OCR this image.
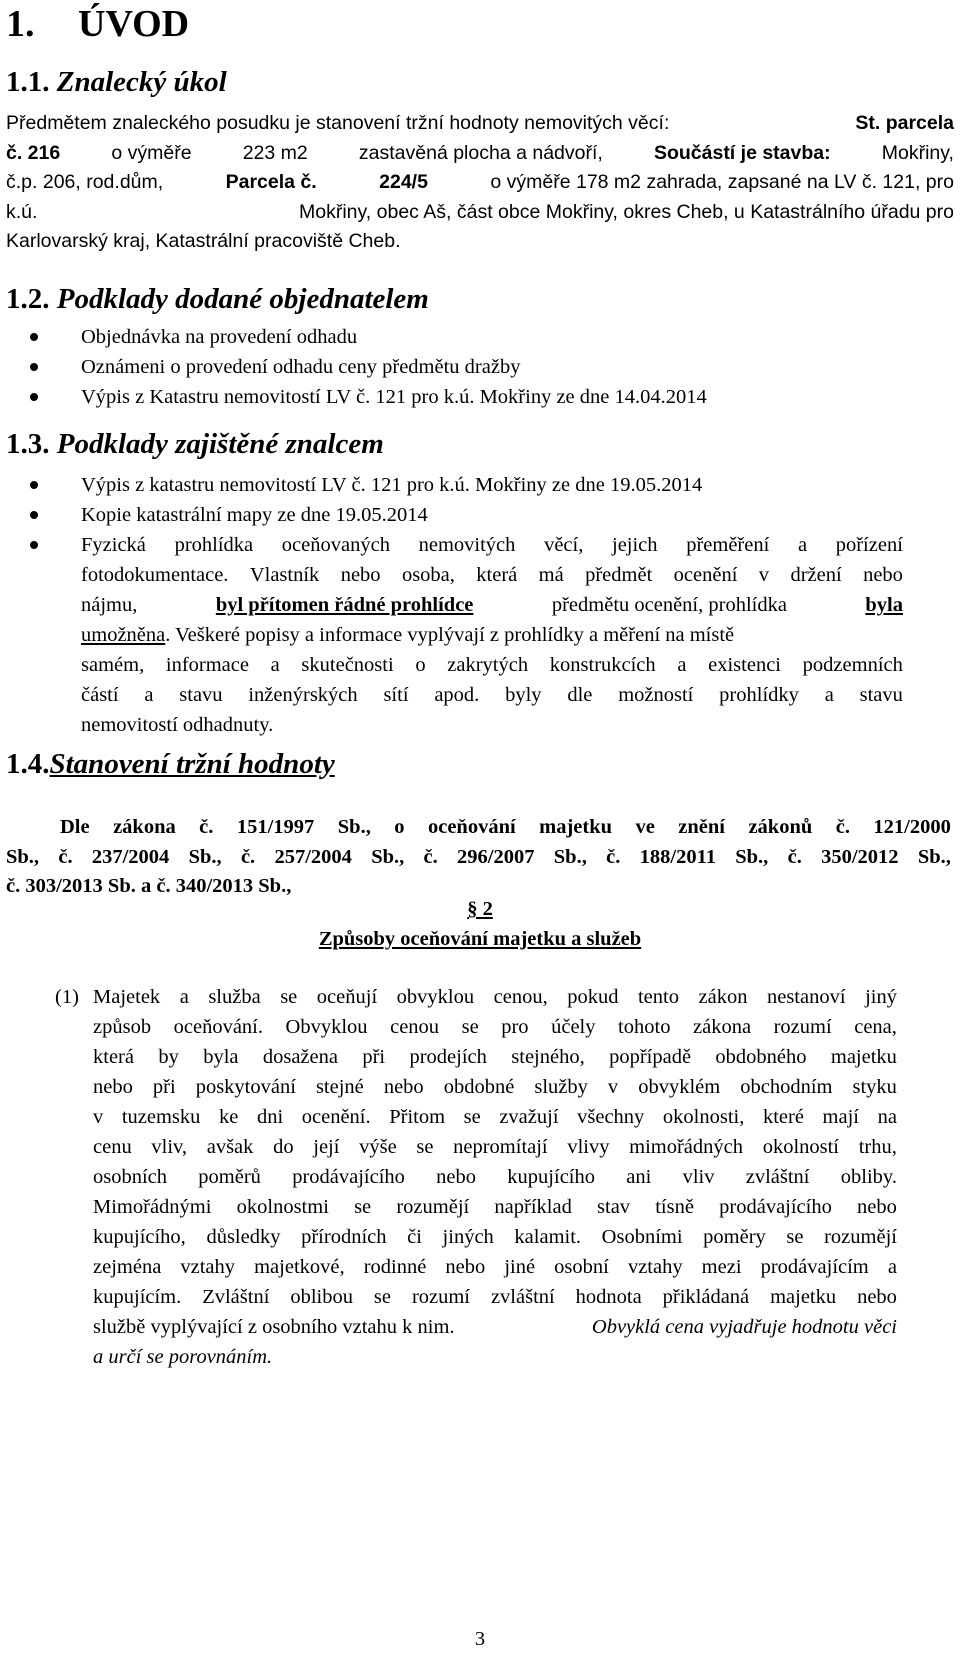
1. ÚVOD
1.1. Znalecký úkol
Předmětem znaleckého posudku je stanovení tržní hodnoty nemovitých věcí:	St. parcela
č. 216	o výměře	223 m2	zastavěná plocha a nádvoří,	Součástí je stavba:	Mokřiny,
č.p. 206, rod.dům,	Parcela č.	224/5	o výměře 178 m2 zahrada, zapsané na LV č. 121, pro
k.ú.	Mokřiny, obec Aš, část obce Mokřiny, okres Cheb, u Katastrálního úřadu pro
Karlovarský kraj, Katastrální pracoviště Cheb.
1.2. Podklady dodané objednatelem
Objednávka na provedení odhadu
Oznámeni o provedení odhadu ceny předmětu dražby
Výpis z Katastru nemovitostí LV č. 121 pro k.ú. Mokřiny ze dne 14.04.2014
1.3. Podklady zajištěné znalcem
Výpis z katastru nemovitostí LV č. 121 pro k.ú. Mokřiny ze dne 19.05.2014
Kopie katastrální mapy ze dne 19.05.2014
Fyzická prohlídka oceňovaných nemovitých věcí, jejich přeměření a pořízení
fotodokumentace. Vlastník nebo osoba, která má předmět ocenění v držení nebo
nájmu,	byl přítomen řádné prohlídce	předmětu ocenění, prohlídka	byla
umožněna . Veškeré popisy a informace vyplývají z prohlídky a měření na místě
samém, informace a skutečnosti o zakrytých konstrukcích a existenci podzemních
částí a stavu inženýrských sítí apod. byly dle možností prohlídky a stavu
nemovitostí odhadnuty.
1.4.Stanovení tržní hodnoty
Dle zákona č. 151/1997 Sb., o oceňování majetku ve znění zákonů č. 121/2000
Sb., č. 237/2004 Sb., č. 257/2004 Sb., č. 296/2007 Sb., č. 188/2011 Sb., č. 350/2012 Sb.,
č. 303/2013 Sb. a č. 340/2013 Sb.,
§ 2
Způsoby oceňování majetku a služeb
(1) Majetek a služba se oceňují obvyklou cenou, pokud tento zákon nestanoví jiný
způsob oceňování. Obvyklou cenou se pro účely tohoto zákona rozumí cena,
která by byla dosažena při prodejích stejného, popřípadě obdobného majetku
nebo při poskytování stejné nebo obdobné služby v obvyklém obchodním styku
v tuzemsku ke dni ocenění. Přitom se zvažují všechny okolnosti, které mají na
cenu vliv, avšak do její výše se nepromítají vlivy mimořádných okolností trhu,
osobních poměrů prodávajícího nebo kupujícího ani vliv zvláštní obliby.
Mimořádnými okolnostmi se rozumějí například stav tísně prodávajícího nebo
kupujícího, důsledky přírodních či jiných kalamit. Osobními poměry se rozumějí
zejména vztahy majetkové, rodinné nebo jiné osobní vztahy mezi prodávajícím a
kupujícím. Zvláštní oblibou se rozumí zvláštní hodnota přikládaná majetku nebo
službě vyplývající z osobního vztahu k nim.	Obvyklá cena vyjadřuje hodnotu věci
a určí se porovnáním.
3
